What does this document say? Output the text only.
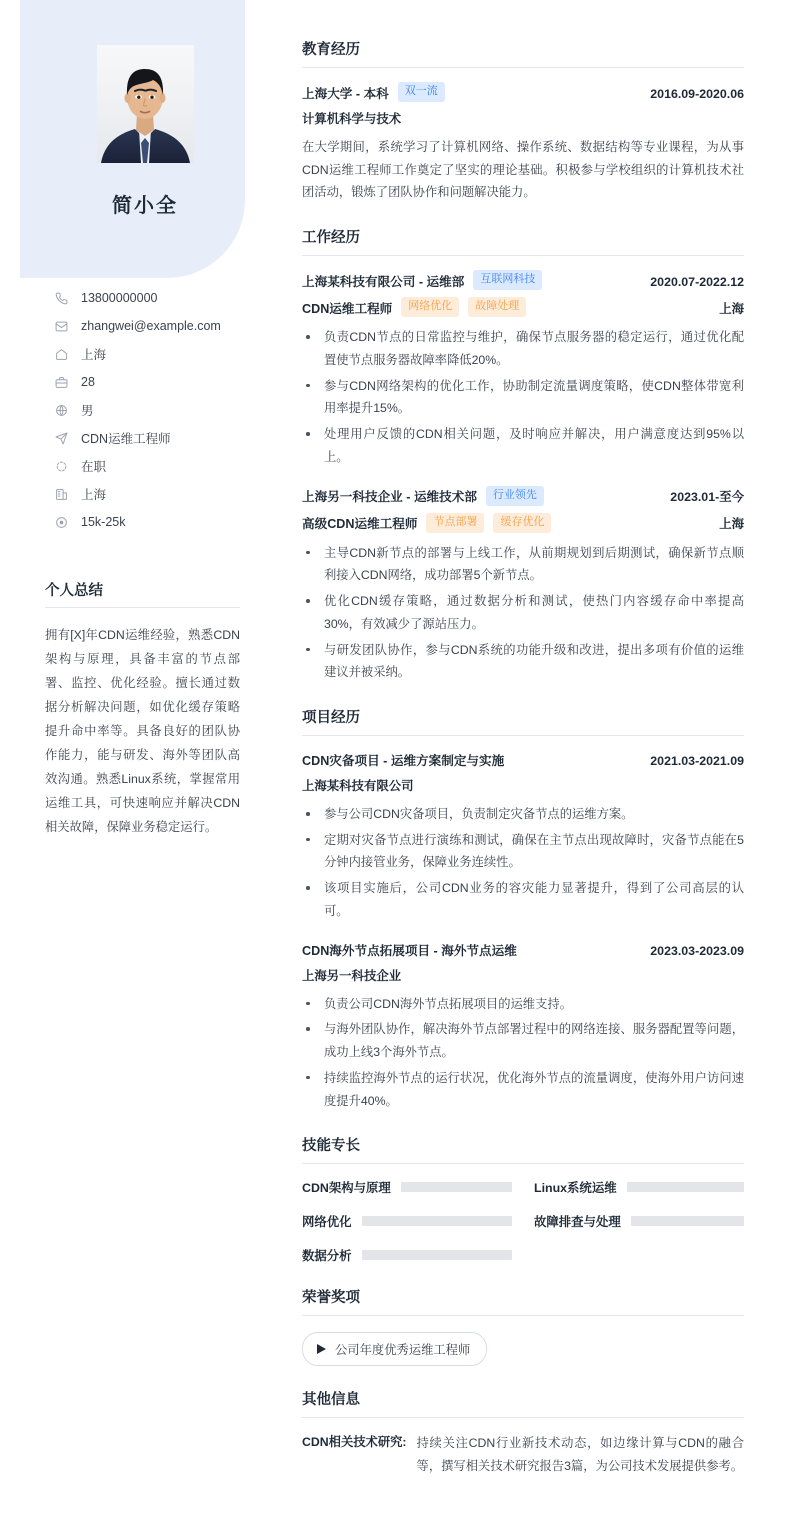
简小全
13800000000
zhangwei@example.com
上海
28
男
CDN运维工程师
在职
上海
15k-25k
个人总结
拥有[X]年CDN运维经验，熟悉CDN架构与原理，具备丰富的节点部署、监控、优化经验。擅长通过数据分析解决问题，如优化缓存策略提升命中率等。具备良好的团队协作能力，能与研发、海外等团队高效沟通。熟悉Linux系统，掌握常用运维工具，可快速响应并解决CDN相关故障，保障业务稳定运行。
教育经历
上海大学 - 本科	双一流	2016.09-2020.06
计算机科学与技术
在大学期间，系统学习了计算机网络、操作系统、数据结构等专业课程，为从事CDN运维工程师工作奠定了坚实的理论基础。积极参与学校组织的计算机技术社团活动，锻炼了团队协作和问题解决能力。
工作经历
上海某科技有限公司 - 运维部	互联网科技	2020.07-2022.12
CDN运维工程师	网络优化	故障处理	上海
负责CDN节点的日常监控与维护，确保节点服务器的稳定运行，通过优化配置使节点服务器故障率降低20%。
参与CDN网络架构的优化工作，协助制定流量调度策略，使CDN整体带宽利用率提升15%。
处理用户反馈的CDN相关问题，及时响应并解决，用户满意度达到95%以上。
上海另一科技企业 - 运维技术部	行业领先	2023.01-至今
高级CDN运维工程师	节点部署	缓存优化	上海
主导CDN新节点的部署与上线工作，从前期规划到后期测试，确保新节点顺利接入CDN网络，成功部署5个新节点。
优化CDN缓存策略，通过数据分析和测试，使热门内容缓存命中率提高30%，有效减少了源站压力。
与研发团队协作，参与CDN系统的功能升级和改进，提出多项有价值的运维建议并被采纳。
项目经历
CDN灾备项目 - 运维方案制定与实施	2021.03-2021.09
上海某科技有限公司
参与公司CDN灾备项目，负责制定灾备节点的运维方案。
定期对灾备节点进行演练和测试，确保在主节点出现故障时，灾备节点能在5分钟内接管业务，保障业务连续性。
该项目实施后，公司CDN业务的容灾能力显著提升，得到了公司高层的认可。
CDN海外节点拓展项目 - 海外节点运维	2023.03-2023.09
上海另一科技企业
负责公司CDN海外节点拓展项目的运维支持。
与海外团队协作，解决海外节点部署过程中的网络连接、服务器配置等问题，成功上线3个海外节点。
持续监控海外节点的运行状况，优化海外节点的流量调度，使海外用户访问速度提升40%。
技能专长
CDN架构与原理	Linux系统运维
网络优化	故障排查与处理
数据分析
荣誉奖项
公司年度优秀运维工程师
其他信息
CDN相关技术研究: 持续关注CDN行业新技术动态，如边缘计算与CDN的融合等，撰写相关技术研究报告3篇，为公司技术发展提供参考。
